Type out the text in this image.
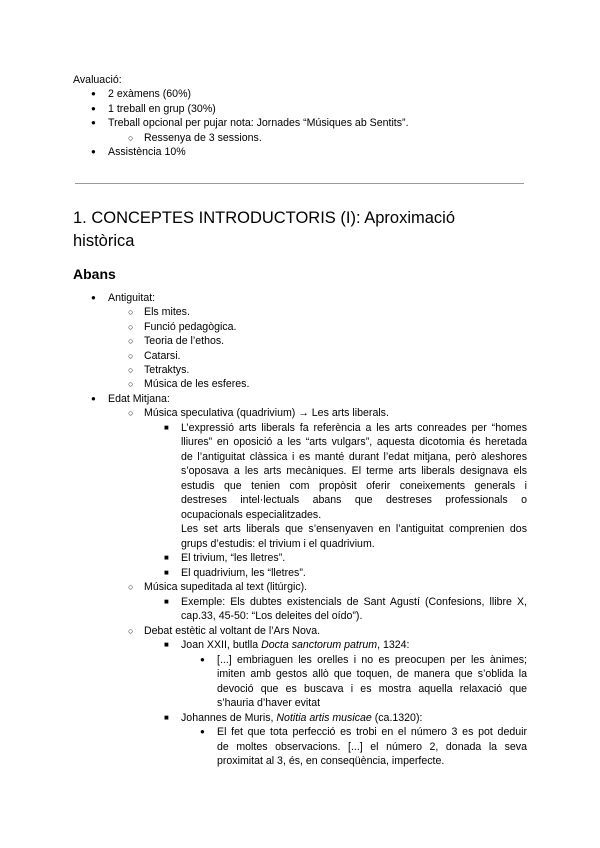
Avaluació:
●
2 exàmens (60%)
●
1 treball en grup (30%)
●
Treball opcional per pujar nota: Jornades “Músiques ab Sentits”.
○
Ressenya de 3 sessions.
●
Assistència 10%
1. CONCEPTES INTRODUCTORIS (I): Aproximació
històrica
Abans
●
Antiguitat:
○
Els mites.
○
Funció pedagògica.
○
Teoria de l’ethos.
○
Catarsi.
○
Tetraktys.
○
Música de les esferes.
●
Edat Mitjana:
○
Música speculativa (quadrivium) → Les arts liberals.
■
L’expressió arts liberals fa referència a les arts conreades per “homes
lliures” en oposició a les “arts vulgars”, aquesta dicotomia és heretada
de l’antiguitat clàssica i es manté durant l’edat mitjana, però aleshores
s’oposava a les arts mecàniques. El terme arts liberals designava els
estudis que tenien com propòsit oferir coneixements generals i
destreses intel·lectuals abans que destreses professionals o
ocupacionals especialitzades.
Les set arts liberals que s’ensenyaven en l’antiguitat comprenien dos
grups d’estudis: el trivium i el quadrivium.
■
El trivium, “les lletres”.
■
El quadrivium, les “lletres”.
○
Música supeditada al text (litúrgic).
■
Exemple: Els dubtes existencials de Sant Agustí (Confesions, llibre X,
cap.33, 45-50: “Los deleites del oído”).
○
Debat estètic al voltant de l’Ars Nova.
■
Joan XXII, butlla Docta sanctorum patrum, 1324:
●
[...] embriaguen les orelles i no es preocupen per les ànimes;
imiten amb gestos allò que toquen, de manera que s’oblida la
devoció que es buscava i es mostra aquella relaxació que
s’hauria d’haver evitat
■
Johannes de Muris, Notitia artis musicae (ca.1320):
●
El fet que tota perfecció es trobi en el número 3 es pot deduir
de moltes observacions. [...] el número 2, donada la seva
proximitat al 3, és, en conseqüència, imperfecte.
